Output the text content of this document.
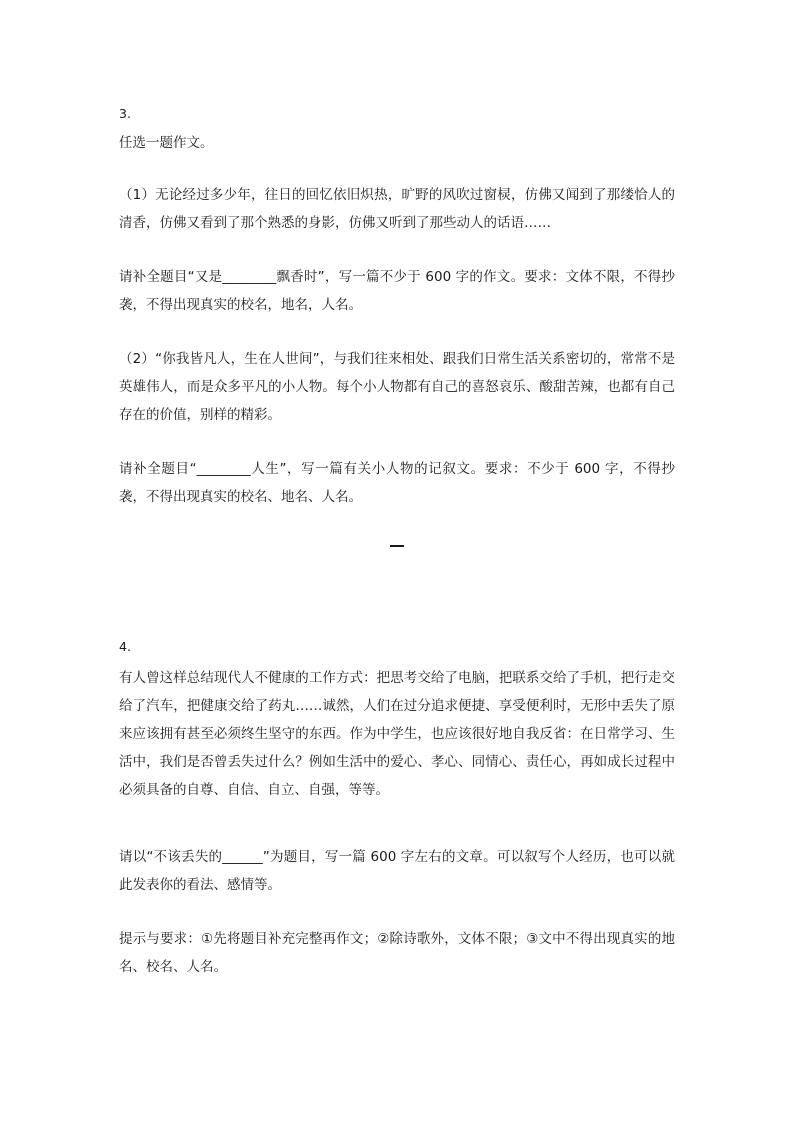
3.

任选一题作文。

（1）无论经过多少年，往日的回忆依旧炽热，旷野的风吹过窗棂，仿佛又闻到了那缕恰人的清香，仿佛又看到了那个熟悉的身影，仿佛又听到了那些动人的话语……

请补全题目“又是________飘香时”，写一篇不少于 600 字的作文。要求：文体不限，不得抄袭，不得出现真实的校名，地名，人名。

（2）“你我皆凡人，生在人世间”，与我们往来相处、跟我们日常生活关系密切的，常常不是英雄伟人，而是众多平凡的小人物。每个小人物都有自己的喜怒哀乐、酸甜苦辣，也都有自己存在的价值，别样的精彩。

请补全题目“________人生”，写一篇有关小人物的记叙文。要求：不少于 600 字，不得抄袭，不得出现真实的校名、地名、人名。

4.

有人曾这样总结现代人不健康的工作方式：把思考交给了电脑，把联系交给了手机，把行走交给了汽车，把健康交给了药丸……诚然，人们在过分追求便捷、享受便利时，无形中丢失了原来应该拥有甚至必须终生坚守的东西。作为中学生，也应该很好地自我反省：在日常学习、生活中，我们是否曾丢失过什么？例如生活中的爱心、孝心、同情心、责任心，再如成长过程中必须具备的自尊、自信、自立、自强，等等。

请以“不该丢失的______”为题目，写一篇 600 字左右的文章。可以叙写个人经历，也可以就此发表你的看法、感情等。

提示与要求：①先将题目补充完整再作文；②除诗歌外，文体不限；③文中不得出现真实的地名、校名、人名。
